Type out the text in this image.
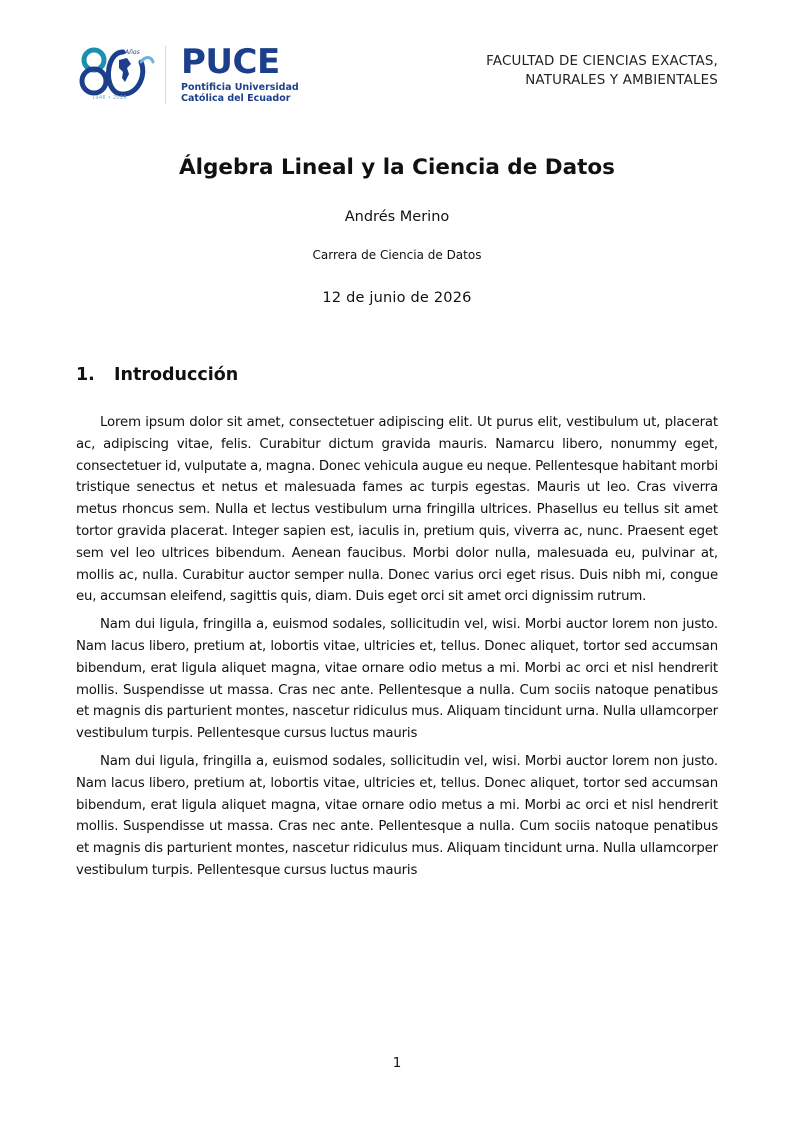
Años
1946 • 2026
PUCE
Pontificia Universidad
Católica del Ecuador
FACULTAD DE CIENCIAS EXACTAS,
NATURALES Y AMBIENTALES
Álgebra Lineal y la Ciencia de Datos
Andrés Merino
Carrera de Ciencia de Datos
12 de junio de 2026
1. Introducción

Lorem ipsum dolor sit amet, consectetuer adipiscing elit. Ut purus elit, vestibulum ut, placerat ac, adipiscing vitae, felis. Curabitur dictum gravida mauris. Namarcu libero, nonummy eget, consectetuer id, vulputate a, magna. Donec vehicula augue eu neque. Pellentesque habitant morbi tristique senectus et netus et malesuada fames ac turpis egestas. Mauris ut leo. Cras viverra metus rhoncus sem. Nulla et lectus vestibulum urna fringilla ultrices. Phasellus eu tellus sit amet tortor gravida placerat. Integer sapien est, iaculis in, pretium quis, viverra ac, nunc. Praesent eget sem vel leo ultrices bibendum. Aenean faucibus. Morbi dolor nulla, malesuada eu, pulvinar at, mollis ac, nulla. Curabitur auctor semper nulla. Donec varius orci eget risus. Duis nibh mi, congue eu, accumsan eleifend, sagittis quis, diam. Duis eget orci sit amet orci dignissim rutrum.

Nam dui ligula, fringilla a, euismod sodales, sollicitudin vel, wisi. Morbi auctor lorem non justo. Nam lacus libero, pretium at, lobortis vitae, ultricies et, tellus. Donec aliquet, tortor sed accumsan bibendum, erat ligula aliquet magna, vitae ornare odio metus a mi. Morbi ac orci et nisl hendrerit mollis. Suspendisse ut massa. Cras nec ante. Pellentesque a nulla. Cum sociis natoque penatibus et magnis dis parturient montes, nascetur ridiculus mus. Aliquam tincidunt urna. Nulla ullamcorper vestibulum turpis. Pellentesque cursus luctus mauris

Nam dui ligula, fringilla a, euismod sodales, sollicitudin vel, wisi. Morbi auctor lorem non justo. Nam lacus libero, pretium at, lobortis vitae, ultricies et, tellus. Donec aliquet, tortor sed accumsan bibendum, erat ligula aliquet magna, vitae ornare odio metus a mi. Morbi ac orci et nisl hendrerit mollis. Suspendisse ut massa. Cras nec ante. Pellentesque a nulla. Cum sociis natoque penatibus et magnis dis parturient montes, nascetur ridiculus mus. Aliquam tincidunt urna. Nulla ullamcorper vestibulum turpis. Pellentesque cursus luctus mauris

1
